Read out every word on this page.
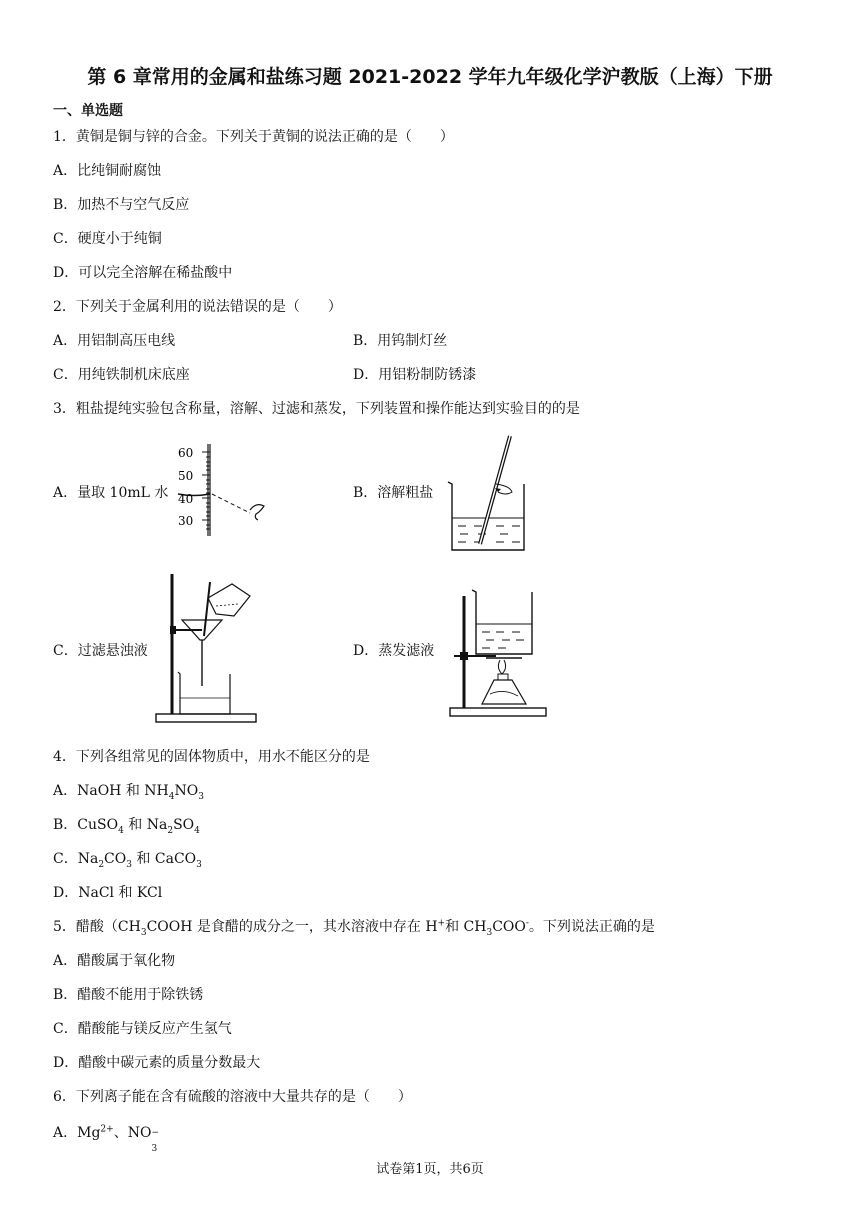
第 6 章常用的金属和盐练习题 2021-2022 学年九年级化学沪教版（上海）下册
一、单选题
1．黄铜是铜与锌的合金。下列关于黄铜的说法正确的是（　　）
A．比纯铜耐腐蚀
B．加热不与空气反应
C．硬度小于纯铜
D．可以完全溶解在稀盐酸中
2．下列关于金属利用的说法错误的是（　　）
A．用铝制高压电线	B．用钨制灯丝
C．用纯铁制机床底座	D．用铝粉制防锈漆
3．粗盐提纯实验包含称量，溶解、过滤和蒸发，下列装置和操作能达到实验目的的是
A．量取 10mL 水	B．溶解粗盐
C．过滤悬浊液	D．蒸发滤液
60
50
40
30
4．下列各组常见的固体物质中，用水不能区分的是
A．NaOH 和 $NH_4NO_3$
B．CuSO$_4$ 和 $Na_2SO_4$
C．$Na_2CO_3$ 和 CaCO$_3$
D．NaCl 和 KCl
5．醋酸（$CH_3COOH$ 是食醋的成分之一，其水溶液中存在 H+和 $CH_3COO^-$。下列说法正确的是
A．醋酸属于氧化物
B．醋酸不能用于除铁锈
C．醋酸能与镁反应产生氢气
D．醋酸中碳元素的质量分数最大
6．下列离子能在含有硫酸的溶液中大量共存的是（　　）
A．$Mg^{2+}$、NO −
3
试卷第1页，共6页
